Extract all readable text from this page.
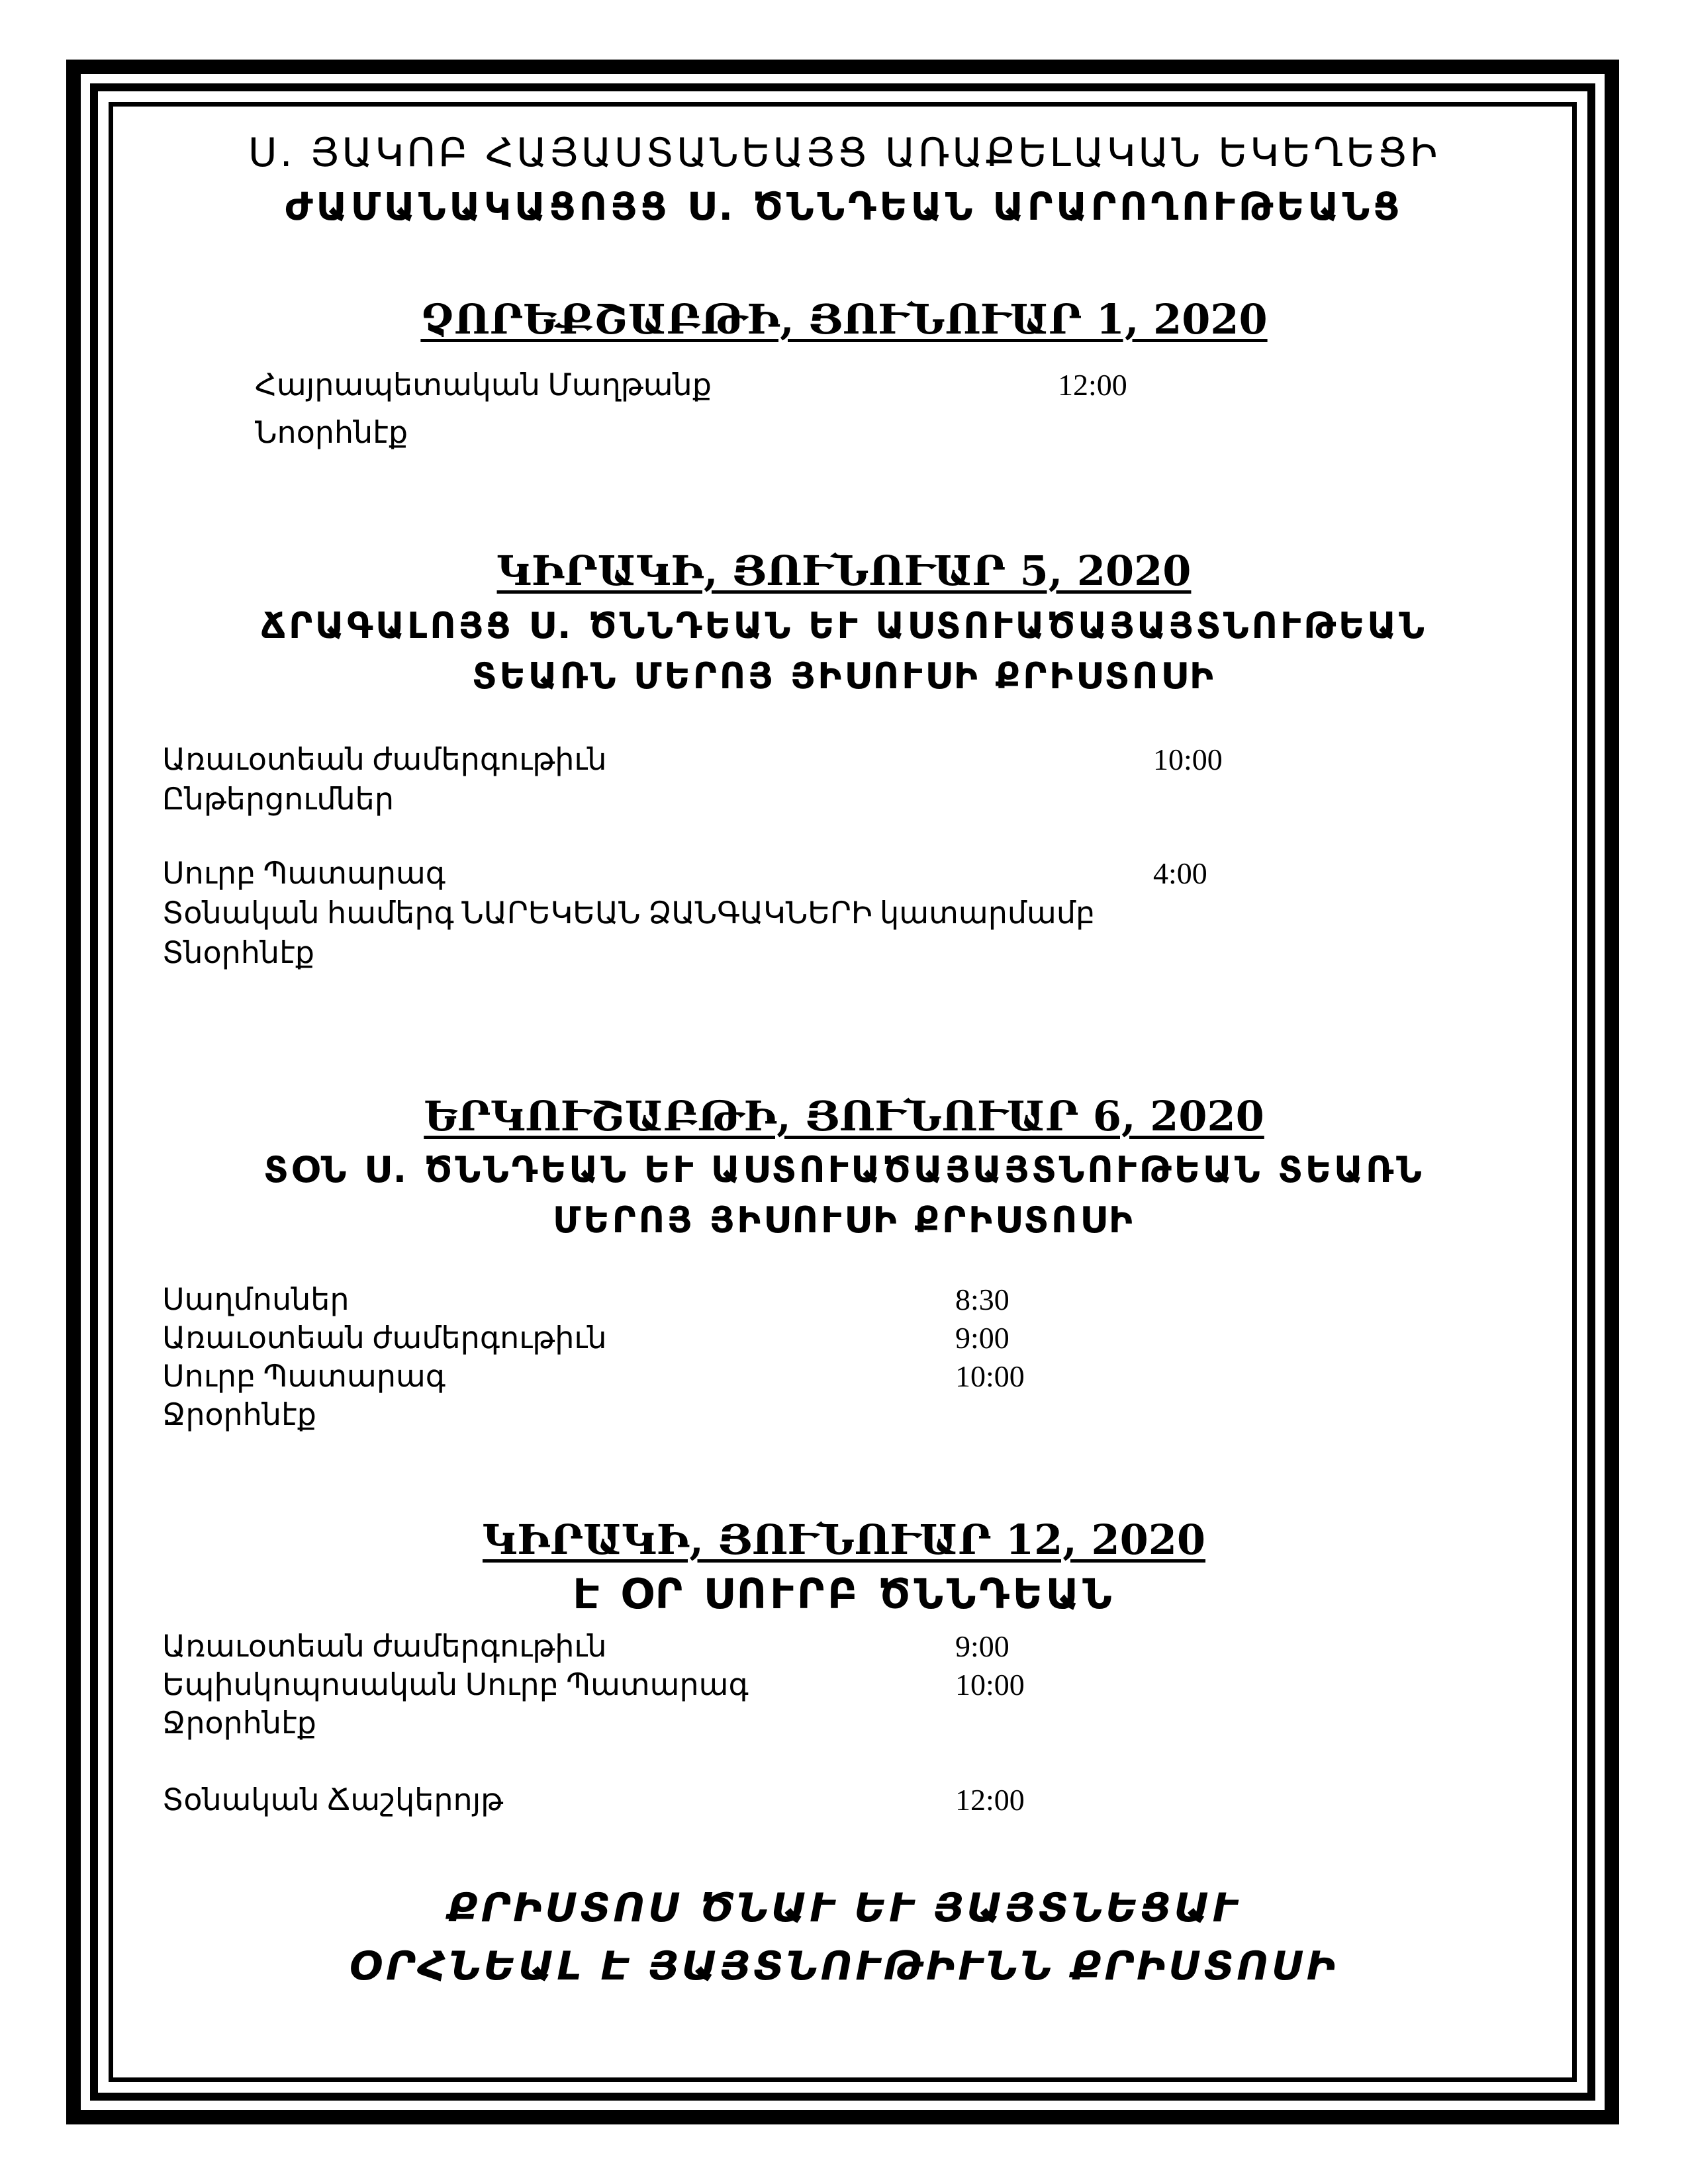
Ս. ՅԱԿՈԲ ՀԱՅԱՍՏԱՆԵԱՅՑ ԱՌԱՔԵԼԱԿԱՆ ԵԿԵՂԵՑԻ
ԺԱՄԱՆԱԿԱՑՈՅՑ Ս. ԾՆՆԴԵԱՆ ԱՐԱՐՈՂՈՒԹԵԱՆՑ
ՉՈՐԵՔՇԱԲԹԻ, ՅՈՒՆՈՒԱՐ 1, 2020
Հայրապետական Մաղթանք	12:00
Նոօրհնէք
ԿԻՐԱԿԻ, ՅՈՒՆՈՒԱՐ 5, 2020
ՃՐԱԳԱԼՈՅՑ Ս. ԾՆՆԴԵԱՆ ԵՒ ԱՍՏՈՒԱԾԱՅԱՅՏՆՈՒԹԵԱՆ
ՏԵԱՌՆ ՄԵՐՈՅ ՅԻՍՈՒՍԻ ՔՐԻՍՏՈՍԻ
Առաւօտեան ժամերգութիւն	10:00
Ընթերցումներ
Սուրբ Պատարագ	4:00
Տօնական համերգ ՆԱՐԵԿԵԱՆ ՁԱՆԳԱԿՆԵՐԻ կատարմամբ
Տնօրհնէք
ԵՐԿՈՒՇԱԲԹԻ, ՅՈՒՆՈՒԱՐ 6, 2020
ՏՕՆ Ս. ԾՆՆԴԵԱՆ ԵՒ ԱՍՏՈՒԱԾԱՅԱՅՏՆՈՒԹԵԱՆ ՏԵԱՌՆ
ՄԵՐՈՅ ՅԻՍՈՒՍԻ ՔՐԻՍՏՈՍԻ
Սաղմոսներ	8:30
Առաւօտեան ժամերգութիւն	9:00
Սուրբ Պատարագ	10:00
Ջրօրհնէք
ԿԻՐԱԿԻ, ՅՈՒՆՈՒԱՐ 12, 2020
Է ՕՐ ՍՈՒՐԲ ԾՆՆԴԵԱՆ
Առաւօտեան ժամերգութիւն	9:00
Եպիսկոպոսական Սուրբ Պատարագ	10:00
Ջրօրհնէք
Տօնական Ճաշկերոյթ	12:00
ՔՐԻՍՏՈՍ ԾՆԱՒ ԵՒ ՅԱՅՏՆԵՑԱՒ
ՕՐՀՆԵԱԼ Է ՅԱՅՏՆՈՒԹԻՒՆՆ ՔՐԻՍՏՈՍԻ
